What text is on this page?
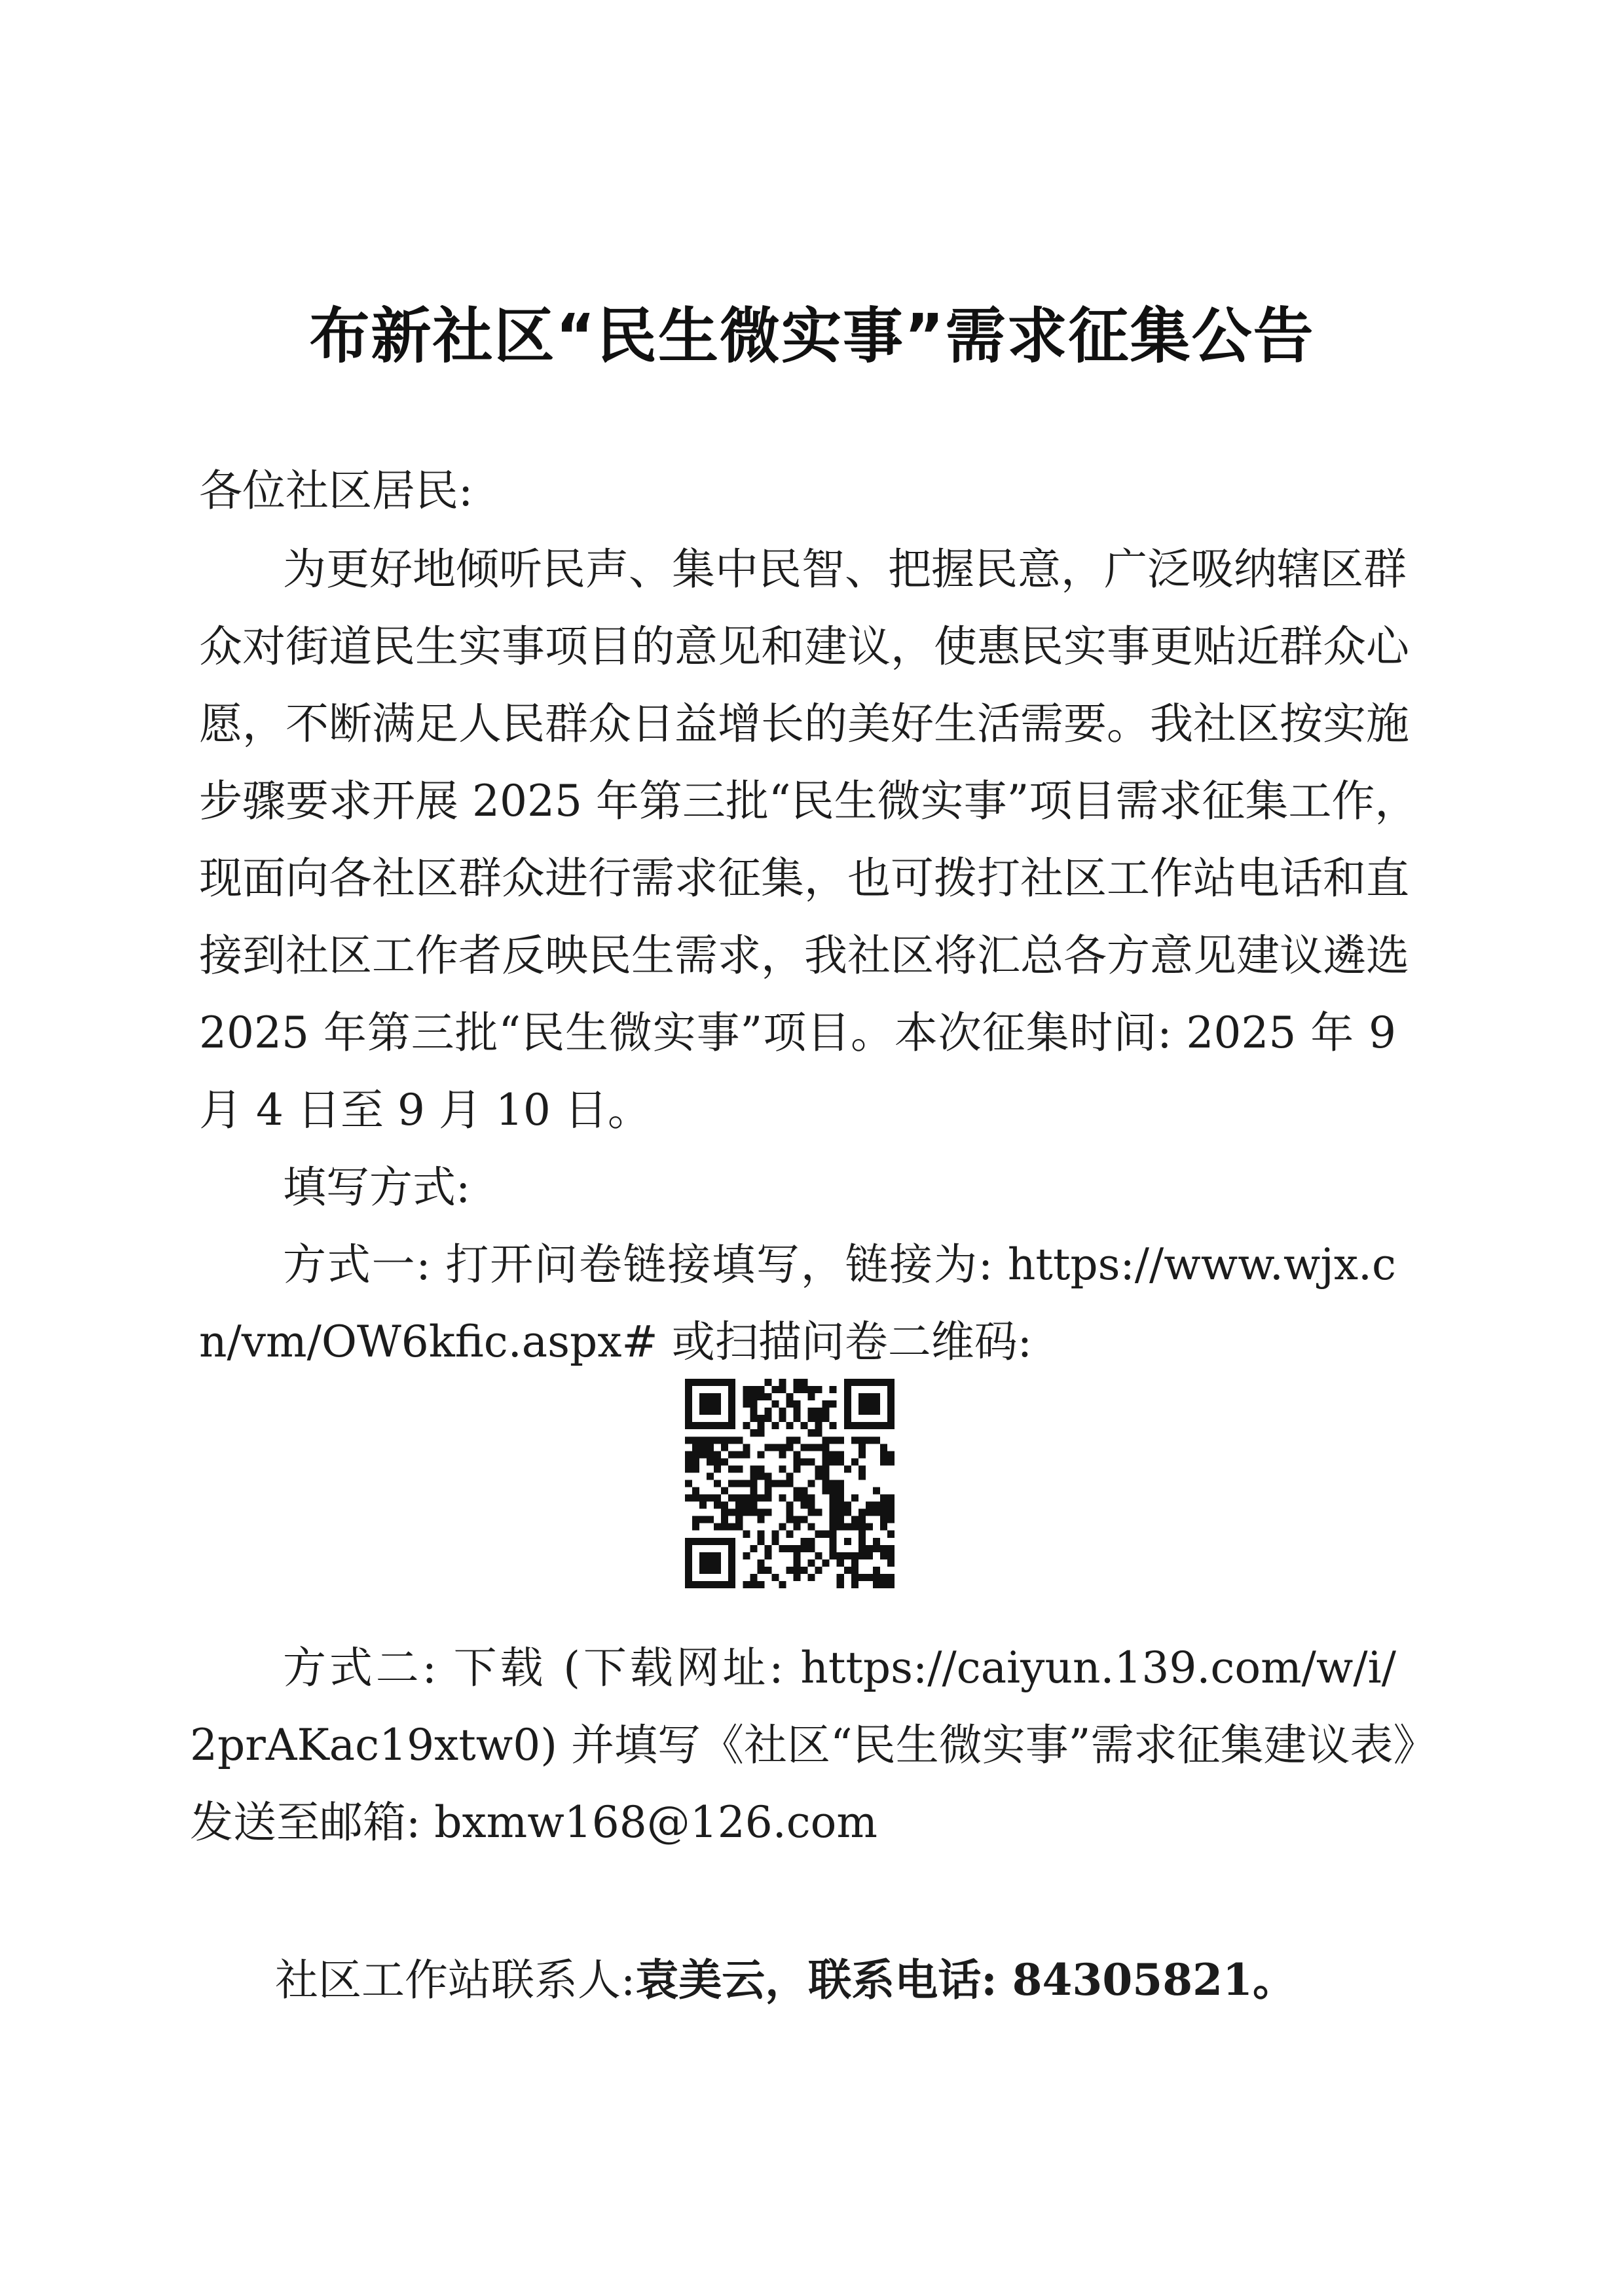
布新社区“民生微实事”需求征集公告
各位社区居民:
为更好地倾听民声、集中民智、把握民意，广泛吸纳辖区群
众对街道民生实事项目的意见和建议，使惠民实事更贴近群众心
愿，不断满足人民群众日益增长的美好生活需要。我社区按实施
步骤要求开展 2025 年第三批“民生微实事”项目需求征集工作，
现面向各社区群众进行需求征集，也可拨打社区工作站电话和直
接到社区工作者反映民生需求，我社区将汇总各方意见建议遴选
2025 年第三批“民生微实事”项目。本次征集时间: 2025 年 9
月 4 日至 9 月 10 日。
填写方式:
方式一: 打开问卷链接填写，链接为: https://www.wjx.c
n/vm/OW6kfic.aspx# 或扫描问卷二维码:
方式二: 下载 (下载网址: https://caiyun.139.com/w/i/
2prAKac19xtw0) 并填写《社区“民生微实事”需求征集建议表》
发送至邮箱: bxmw168@126.com
社区工作站联系人:袁美云，联系电话: 84305821。
